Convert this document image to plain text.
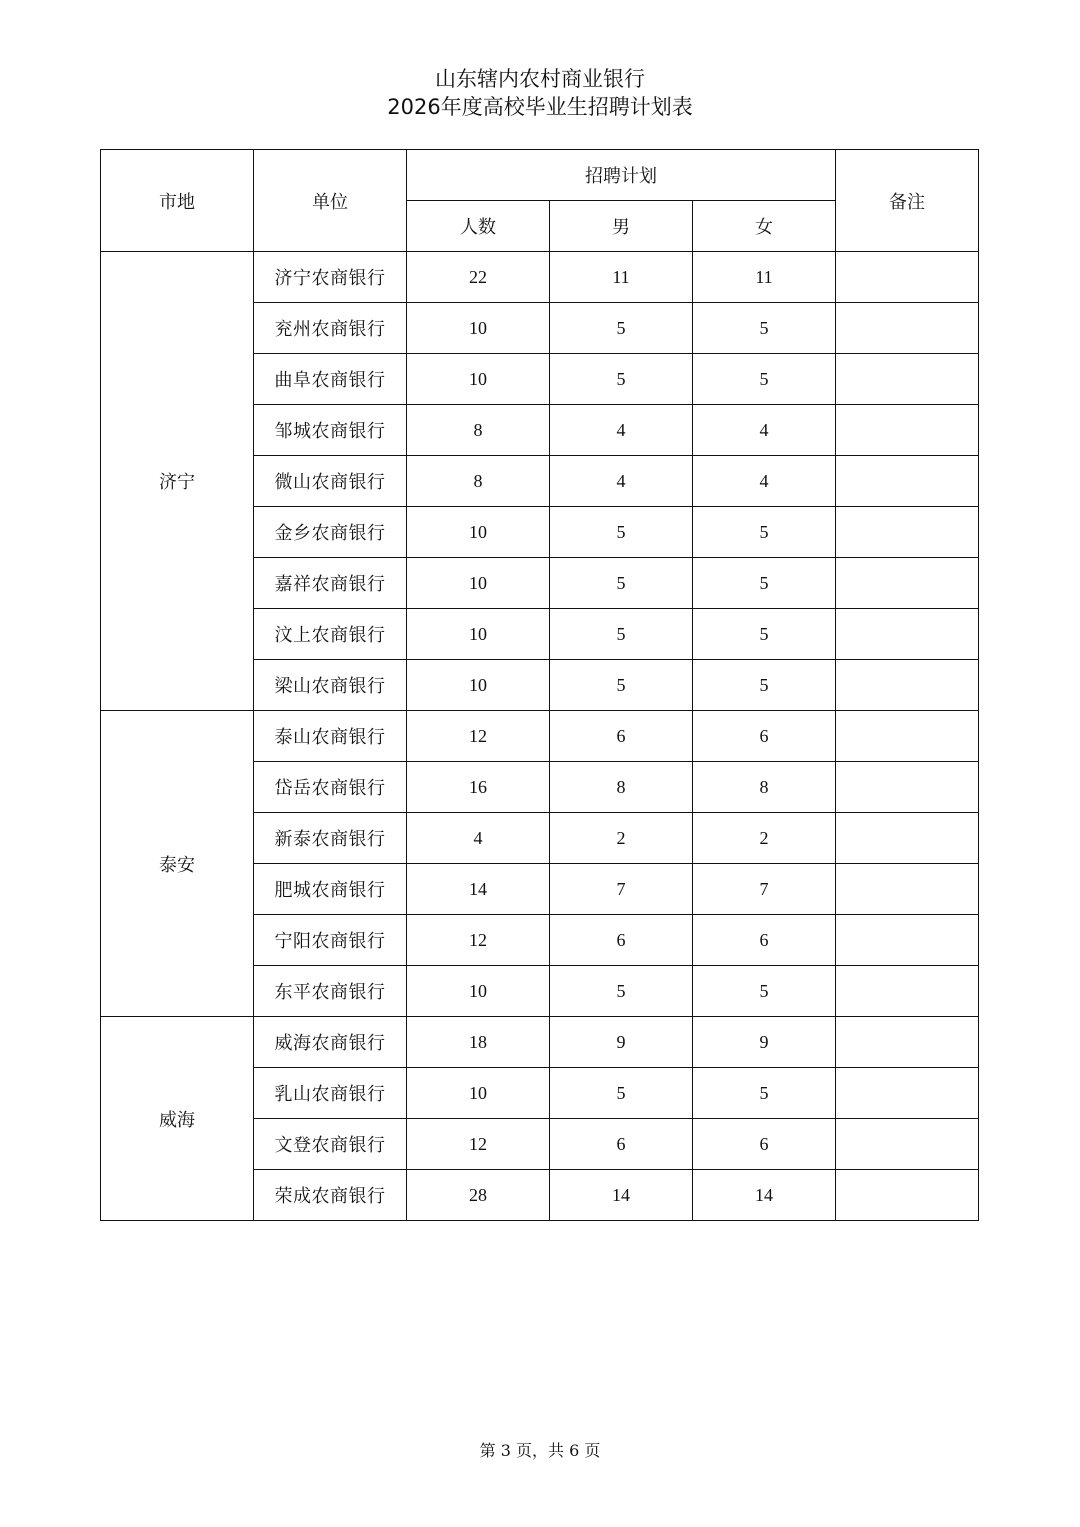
山东辖内农村商业银行
2026年度高校毕业生招聘计划表
市地	单位	招聘计划			备注
		人数	男	女	
济宁	济宁农商银行	22	11	11	
	兖州农商银行	10	5	5	
	曲阜农商银行	10	5	5	
	邹城农商银行	8	4	4	
	微山农商银行	8	4	4	
	金乡农商银行	10	5	5	
	嘉祥农商银行	10	5	5	
	汶上农商银行	10	5	5	
	梁山农商银行	10	5	5	
泰安	泰山农商银行	12	6	6	
	岱岳农商银行	16	8	8	
	新泰农商银行	4	2	2	
	肥城农商银行	14	7	7	
	宁阳农商银行	12	6	6	
	东平农商银行	10	5	5	
威海	威海农商银行	18	9	9	
	乳山农商银行	10	5	5	
	文登农商银行	12	6	6	
	荣成农商银行	28	14	14	
第 3 页，共 6 页
